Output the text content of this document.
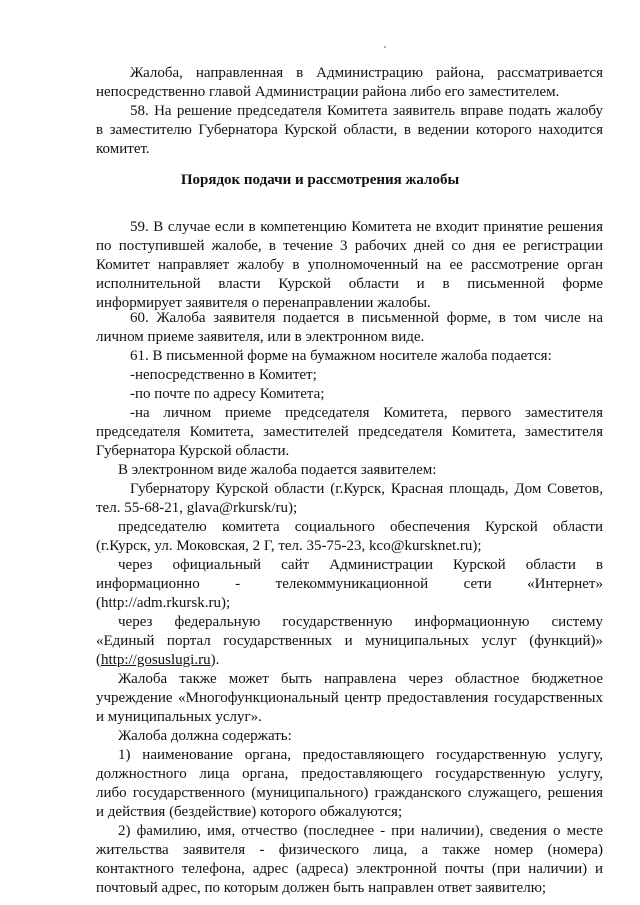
Жалоба, направленная в Администрацию района, рассматривается

непосредственно главой Администрации района либо его заместителем.

58. На решение председателя Комитета заявитель вправе подать жалобу

в заместителю Губернатора Курской области, в ведении которого находится

комитет.

Порядок подачи и рассмотрения жалобы

59. В случае если в компетенцию Комитета не входит принятие решения

по поступившей жалобе, в течение 3 рабочих дней со дня ее регистрации

Комитет направляет жалобу в уполномоченный на ее рассмотрение орган

исполнительной власти Курской области и в письменной форме

информирует заявителя о перенаправлении жалобы.

60. Жалоба заявителя подается в письменной форме, в том числе на

личном приеме заявителя, или в электронном виде.

61. В письменной форме на бумажном носителе жалоба подается:

-непосредственно в Комитет;

-по почте по адресу Комитета;

-на личном приеме председателя Комитета, первого заместителя

председателя Комитета, заместителей председателя Комитета, заместителя

Губернатора Курской области.

В электронном виде жалоба подается заявителем:

Губернатору Курской области (г.Курск, Красная площадь, Дом Советов,

тел. 55-68-21, glava@rkursk/ru);

председателю комитета социального обеспечения Курской области

(г.Курск, ул. Моковская, 2 Г, тел. 35-75-23, kco@kursknet.ru);

через официальный сайт Администрации Курской области в

информационно - телекоммуникационной сети «Интернет»

(http://adm.rkursk.ru);

через федеральную государственную информационную систему

«Единый портал государственных и муниципальных услуг (функций)»

(http://gosuslugi.ru).

Жалоба также может быть направлена через областное бюджетное

учреждение «Многофункциональный центр предоставления государственных

и муниципальных услуг».

Жалоба должна содержать:

1) наименование органа, предоставляющего государственную услугу,

должностного лица органа, предоставляющего государственную услугу,

либо государственного (муниципального) гражданского служащего, решения

и действия (бездействие) которого обжалуются;

2) фамилию, имя, отчество (последнее - при наличии), сведения о месте

жительства заявителя - физического лица, а также номер (номера)

контактного телефона, адрес (адреса) электронной почты (при наличии) и

почтовый адрес, по которым должен быть направлен ответ заявителю;
